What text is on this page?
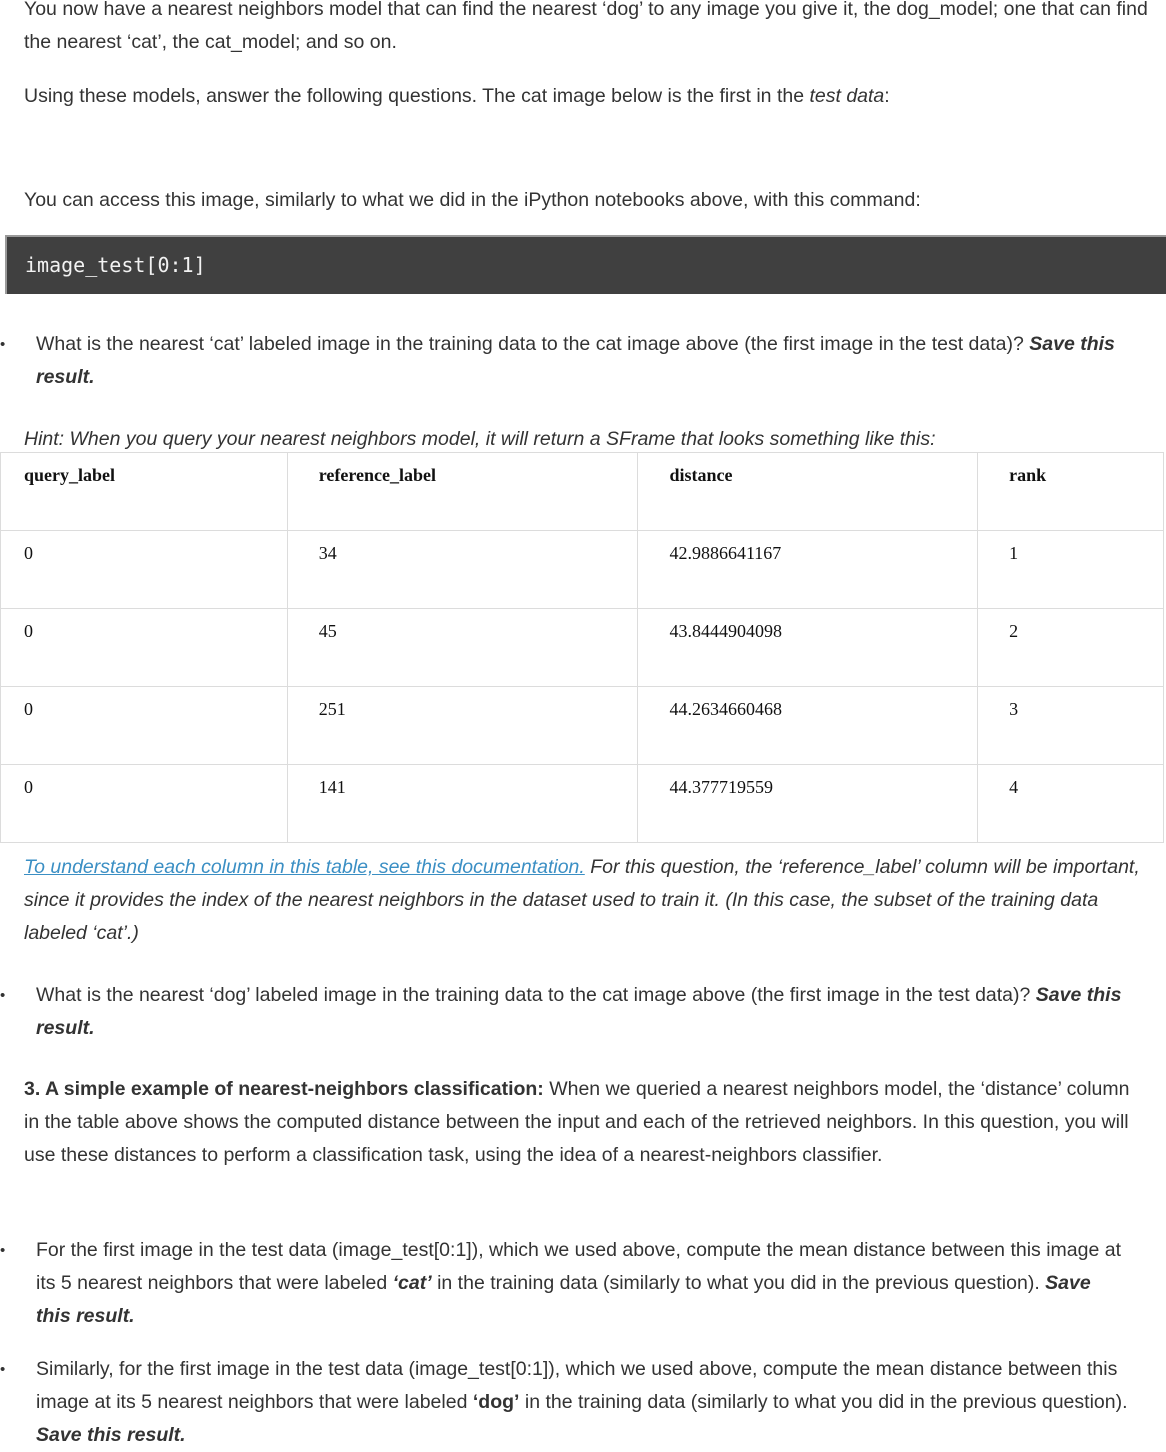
You now have a nearest neighbors model that can find the nearest ‘dog’ to any image you give it, the dog_model; one that can find the nearest ‘cat’, the cat_model; and so on.

Using these models, answer the following questions. The cat image below is the first in the test data:

You can access this image, similarly to what we did in the iPython notebooks above, with this command:

image_test[0:1]
•	What is the nearest ‘cat’ labeled image in the training data to the cat image above (the first image in the test data)? Save this result.
Hint: When you query your nearest neighbors model, it will return a SFrame that looks something like this:
query_label	reference_label	distance	rank
0	34	42.9886641167	1
0	45	43.8444904098	2
0	251	44.2634660468	3
0	141	44.377719559	4

To understand each column in this table, see this documentation. For this question, the ‘reference_label’ column will be important, since it provides the index of the nearest neighbors in the dataset used to train it. (In this case, the subset of the training data labeled ‘cat’.)

•	What is the nearest ‘dog’ labeled image in the training data to the cat image above (the first image in the test data)? Save this result.

3. A simple example of nearest-neighbors classification: When we queried a nearest neighbors model, the ‘distance’ column in the table above shows the computed distance between the input and each of the retrieved neighbors. In this question, you will use these distances to perform a classification task, using the idea of a nearest-neighbors classifier.

•	For the first image in the test data (image_test[0:1]), which we used above, compute the mean distance between this image at its 5 nearest neighbors that were labeled ‘cat’ in the training data (similarly to what you did in the previous question). Save this result.
•	Similarly, for the first image in the test data (image_test[0:1]), which we used above, compute the mean distance between this image at its 5 nearest neighbors that were labeled ‘dog’ in the training data (similarly to what you did in the previous question). Save this result.
